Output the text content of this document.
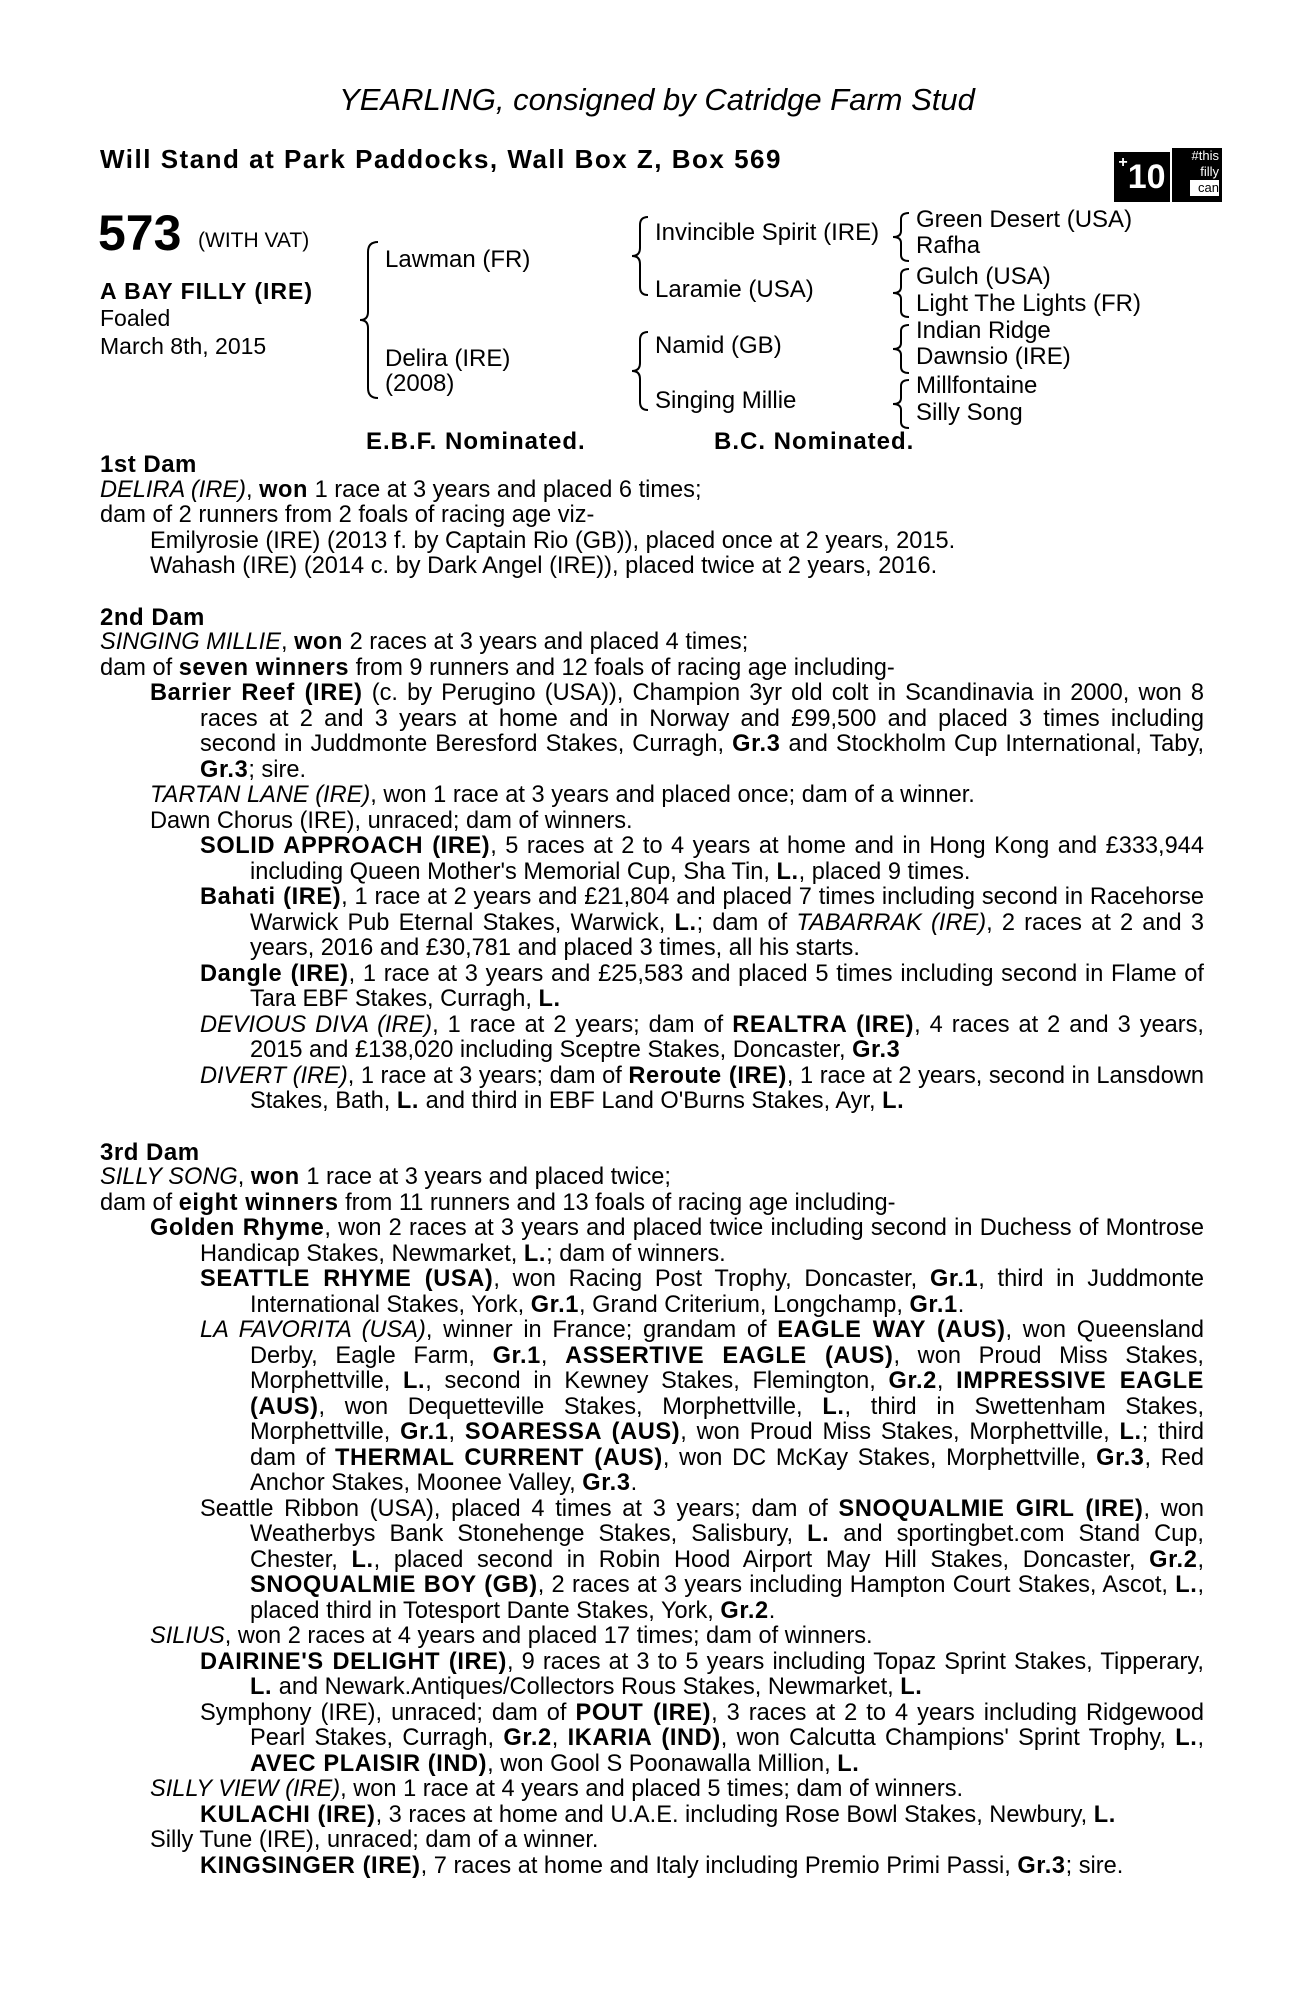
YEARLING, consigned by Catridge Farm Stud
Will Stand at Park Paddocks, Wall Box Z, Box 569	+10
#this
filly
can
573 (WITH VAT)
A BAY FILLY (IRE)
Foaled
March 8th, 2015
Lawman (FR)
Delira (IRE)
(2008)
Invincible Spirit (IRE)
Laramie (USA)
Namid (GB)
Singing Millie
Green Desert (USA)
Rafha
Gulch (USA)
Light The Lights (FR)
Indian Ridge
Dawnsio (IRE)
Millfontaine
Silly Song
E.B.F. Nominated.	B.C. Nominated.

1st Dam

DELIRA (IRE), won 1 race at 3 years and placed 6 times;

dam of 2 runners from 2 foals of racing age viz-

Emilyrosie (IRE) (2013 f. by Captain Rio (GB)), placed once at 2 years, 2015.

Wahash (IRE) (2014 c. by Dark Angel (IRE)), placed twice at 2 years, 2016.

2nd Dam

SINGING MILLIE, won 2 races at 3 years and placed 4 times;

dam of seven winners from 9 runners and 12 foals of racing age including-

Barrier Reef (IRE) (c. by Perugino (USA)), Champion 3yr old colt in Scandinavia in 2000, won 8 races at 2 and 3 years at home and in Norway and £99,500 and placed 3 times including second in Juddmonte Beresford Stakes, Curragh, Gr.3 and Stockholm Cup International, Taby, Gr.3; sire.

TARTAN LANE (IRE), won 1 race at 3 years and placed once; dam of a winner.

Dawn Chorus (IRE), unraced; dam of winners.

SOLID APPROACH (IRE), 5 races at 2 to 4 years at home and in Hong Kong and £333,944 including Queen Mother's Memorial Cup, Sha Tin, L., placed 9 times.

Bahati (IRE), 1 race at 2 years and £21,804 and placed 7 times including second in Racehorse Warwick Pub Eternal Stakes, Warwick, L.; dam of TABARRAK (IRE), 2 races at 2 and 3 years, 2016 and £30,781 and placed 3 times, all his starts.

Dangle (IRE), 1 race at 3 years and £25,583 and placed 5 times including second in Flame of Tara EBF Stakes, Curragh, L.

DEVIOUS DIVA (IRE), 1 race at 2 years; dam of REALTRA (IRE), 4 races at 2 and 3 years, 2015 and £138,020 including Sceptre Stakes, Doncaster, Gr.3

DIVERT (IRE), 1 race at 3 years; dam of Reroute (IRE), 1 race at 2 years, second in Lansdown Stakes, Bath, L. and third in EBF Land O'Burns Stakes, Ayr, L.

3rd Dam

SILLY SONG, won 1 race at 3 years and placed twice;

dam of eight winners from 11 runners and 13 foals of racing age including-

Golden Rhyme, won 2 races at 3 years and placed twice including second in Duchess of Montrose Handicap Stakes, Newmarket, L.; dam of winners.

SEATTLE RHYME (USA), won Racing Post Trophy, Doncaster, Gr.1, third in Juddmonte International Stakes, York, Gr.1, Grand Criterium, Longchamp, Gr.1.

LA FAVORITA (USA), winner in France; grandam of EAGLE WAY (AUS), won Queensland Derby, Eagle Farm, Gr.1, ASSERTIVE EAGLE (AUS), won Proud Miss Stakes, Morphettville, L., second in Kewney Stakes, Flemington, Gr.2, IMPRESSIVE EAGLE (AUS), won Dequetteville Stakes, Morphettville, L., third in Swettenham Stakes, Morphettville, Gr.1, SOARESSA (AUS), won Proud Miss Stakes, Morphettville, L.; third dam of THERMAL CURRENT (AUS), won DC McKay Stakes, Morphettville, Gr.3, Red Anchor Stakes, Moonee Valley, Gr.3.

Seattle Ribbon (USA), placed 4 times at 3 years; dam of SNOQUALMIE GIRL (IRE), won Weatherbys Bank Stonehenge Stakes, Salisbury, L. and sportingbet.com Stand Cup, Chester, L., placed second in Robin Hood Airport May Hill Stakes, Doncaster, Gr.2, SNOQUALMIE BOY (GB), 2 races at 3 years including Hampton Court Stakes, Ascot, L., placed third in Totesport Dante Stakes, York, Gr.2.

SILIUS, won 2 races at 4 years and placed 17 times; dam of winners.

DAIRINE'S DELIGHT (IRE), 9 races at 3 to 5 years including Topaz Sprint Stakes, Tipperary, L. and Newark.Antiques/Collectors Rous Stakes, Newmarket, L.

Symphony (IRE), unraced; dam of POUT (IRE), 3 races at 2 to 4 years including Ridgewood Pearl Stakes, Curragh, Gr.2, IKARIA (IND), won Calcutta Champions' Sprint Trophy, L., AVEC PLAISIR (IND), won Gool S Poonawalla Million, L.

SILLY VIEW (IRE), won 1 race at 4 years and placed 5 times; dam of winners.

KULACHI (IRE), 3 races at home and U.A.E. including Rose Bowl Stakes, Newbury, L.

Silly Tune (IRE), unraced; dam of a winner.

KINGSINGER (IRE), 7 races at home and Italy including Premio Primi Passi, Gr.3; sire.
